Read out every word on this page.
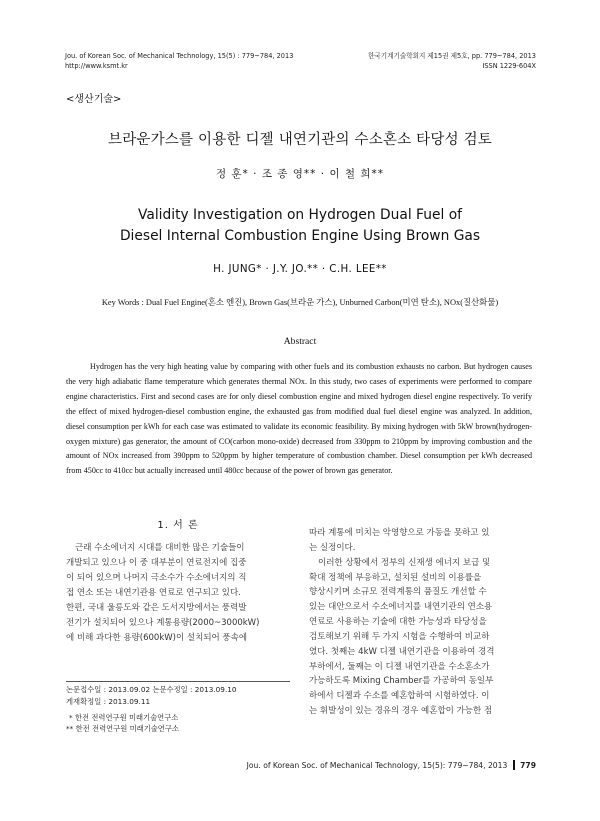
Jou. of Korean Soc. of Mechanical Technology, 15(5) : 779~784, 2013
http://www.ksmt.kr
한국기계기술학회지 제15권 제5호, pp. 779~784, 2013
ISSN 1229-604X
<생산기술>
브라운가스를 이용한 디젤 내연기관의 수소혼소 타당성 검토
정 훈* · 조 종 영** · 이 철 희**
Validity Investigation on Hydrogen Dual Fuel of
Diesel Internal Combustion Engine Using Brown Gas
H. JUNG* · J.Y. JO.** · C.H. LEE**
Key Words : Dual Fuel Engine(혼소 엔진), Brown Gas(브라운 가스), Unburned Carbon(미연 탄소), NOx(질산화물)
Abstract

Hydrogen has the very high heating value by comparing with other fuels and its combustion exhausts no carbon. But hydrogen causes the very high adiabatic flame temperature which generates thermal NOx. In this study, two cases of experiments were performed to compare engine characteristics. First and second cases are for only diesel combustion engine and mixed hydrogen diesel engine respectively. To verify the effect of mixed hydrogen-diesel combustion engine, the exhausted gas from modified dual fuel diesel engine was analyzed. In addition, diesel consumption per kWh for each case was estimated to validate its economic feasibility. By mixing hydrogen with 5kW brown(hydrogen-oxygen mixture) gas generator, the amount of CO(carbon mono-oxide) decreased from 330ppm to 210ppm by improving combustion and the amount of NOx increased from 390ppm to 520ppm by higher temperature of combustion chamber. Diesel consumption per kWh decreased from 450cc to 410cc but actually increased until 480cc because of the power of brown gas generator.

1. 서 론
근래 수소에너지 시대를 대비한 많은 기술들이
개발되고 있으나 이 중 대부분이 연료전지에 집중
이 되어 있으며 나머지 극소수가 수소에너지의 직
접 연소 또는 내연기관용 연료로 연구되고 있다.
한편, 국내 울릉도와 같은 도서지방에서는 풍력발
전기가 설치되어 있으나 계통용량(2000~3000kW)
에 비해 과다한 용량(600kW)이 설치되어 풍속에
논문접수일 : 2013.09.02 논문수정일 : 2013.09.10
게재확정일 : 2013.09.11
* 한전 전력연구원 미래기술연구소
** 한전 전력연구원 미래기술연구소
따라 계통에 미치는 악영향으로 가동을 못하고 있
는 실정이다.
이러한 상황에서 정부의 신재생 에너지 보급 및
확대 정책에 부응하고, 설치된 설비의 이용률을
향상시키며 소규모 전력계통의 품질도 개선할 수
있는 대안으로서 수소에너지를 내연기관의 연소용
연료로 사용하는 기술에 대한 가능성과 타당성을
검토해보기 위해 두 가지 시험을 수행하여 비교하
였다. 첫째는 4kW 디젤 내연기관을 이용하여 경격
부하에서, 둘째는 이 디젤 내연기관을 수소혼소가
가능하도록 Mixing Chamber를 가공하여 동일부
하에서 디젤과 수소를 예혼합하여 시험하였다. 이
는 휘발성이 있는 경유의 경우 예혼합이 가능한 점
Jou. of Korean Soc. of Mechanical Technology, 15(5): 779~784, 2013 779
